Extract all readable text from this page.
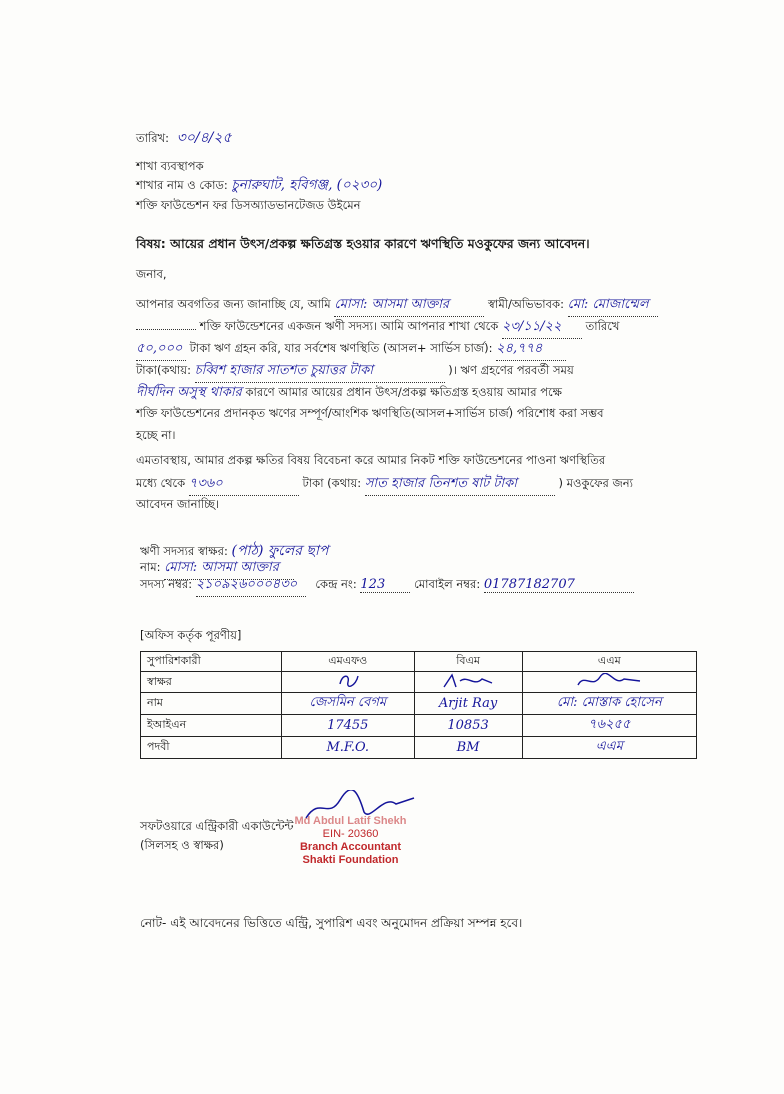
তারিখ: ৩০/৪/২৫
শাখা ব্যবস্থাপক
শাখার নাম ও কোড: চুনারুঘাট, হবিগঞ্জ, (০২৩০)
শক্তি ফাউন্ডেশন ফর ডিসঅ্যাডভানটেজড উইমেন
বিষয়: আয়ের প্রধান উৎস/প্রকল্প ক্ষতিগ্রস্ত হওয়ার কারণে ঋণস্থিতি মওকুফের জন্য আবেদন।
জনাব,
আপনার অবগতির জন্য জানাচ্ছি যে, আমি মোসা: আসমা আক্তার	স্বামী/অভিভাবক: মো: মোজাম্মেল
শক্তি ফাউন্ডেশনের একজন ঋণী সদস্য। আমি আপনার শাখা থেকে ২৩/১১/২২ তারিখে
৫০,০০০ টাকা ঋণ গ্রহন করি, যার সর্বশেষ ঋণস্থিতি (আসল+ সার্ভিস চার্জ): ২৪,৭৭৪
টাকা(কথায়: চব্বিশ হাজার সাতশত চুয়াত্তর টাকা	)। ঋণ গ্রহণের পরবর্তী সময়
দীর্ঘদিন অসুস্থ থাকার কারণে আমার আয়ের প্রধান উৎস/প্রকল্প ক্ষতিগ্রস্ত হওয়ায় আমার পক্ষে
শক্তি ফাউন্ডেশনের প্রদানকৃত ঋণের সম্পূর্ণ/আংশিক ঋণস্থিতি(আসল+সার্ভিস চার্জ) পরিশোধ করা সম্ভব
হচ্ছে না।
এমতাবস্থায়, আমার প্রকল্প ক্ষতির বিষয় বিবেচনা করে আমার নিকট শক্তি ফাউন্ডেশনের পাওনা ঋণস্থিতির
মধ্যে থেকে ৭৩৬০	টাকা (কথায়: সাত হাজার তিনশত ষাট টাকা	) মওকুফের জন্য
আবেদন জানাচ্ছি।
ঋণী সদস্যর স্বাক্ষর: (পাঠ) ফুলের ছাপ
নাম: মোসা: আসমা আক্তার
সদস্য নম্বর: ২১০৯২৬০০০৪৩০ কেন্দ্র নং: 123	মোবাইল নম্বর: 01787182707
[অফিস কর্তৃক পূরণীয়]
সুপারিশকারী	এমএফও	বিএম	এএম
স্বাক্ষর			
নাম	জেসমিন বেগম	Arjit Ray	মো: মোস্তাক হোসেন
ইআইএন	17455	10853	৭৬২৫৫
পদবী	M.F.O.	BM	এএম
সফটওয়ারে এন্ট্রিকারী একাউন্টেন্ট
(সিলসহ ও স্বাক্ষর)
Md Abdul Latif Shekh
EIN- 20360
Branch Accountant
Shakti Foundation
নোট- এই আবেদনের ভিত্তিতে এন্ট্রি, সুপারিশ এবং অনুমোদন প্রক্রিয়া সম্পন্ন হবে।
